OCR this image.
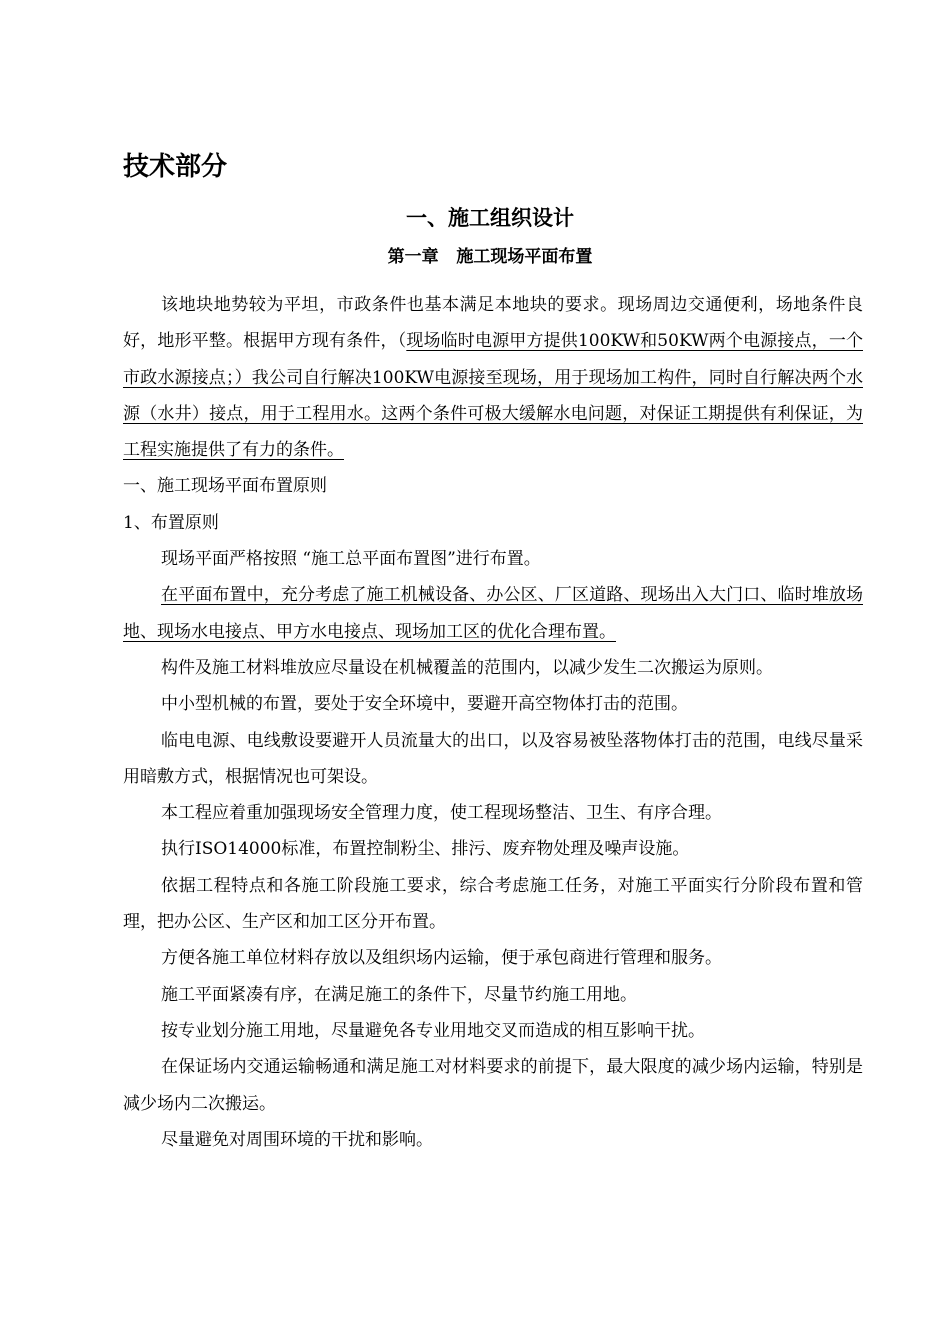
技术部分
一、施工组织设计
第一章   施工现场平面布置

该地块地势较为平坦，市政条件也基本满足本地块的要求。现场周边交通便利，场地条件良好，地形平整。根据甲方现有条件，（现场临时电源甲方提供100KW和50KW两个电源接点，一个市政水源接点；）我公司自行解决100KW电源接至现场，用于现场加工构件，同时自行解决两个水源（水井）接点，用于工程用水。这两个条件可极大缓解水电问题，对保证工期提供有利保证，为工程实施提供了有力的条件。

一、施工现场平面布置原则

1、布置原则

现场平面严格按照 “施工总平面布置图”进行布置。

在平面布置中，充分考虑了施工机械设备、办公区、厂区道路、现场出入大门口、临时堆放场地、现场水电接点、甲方水电接点、现场加工区的优化合理布置。

构件及施工材料堆放应尽量设在机械覆盖的范围内，以减少发生二次搬运为原则。

中小型机械的布置，要处于安全环境中，要避开高空物体打击的范围。

临电电源、电线敷设要避开人员流量大的出口，以及容易被坠落物体打击的范围，电线尽量采用暗敷方式，根据情况也可架设。

本工程应着重加强现场安全管理力度，使工程现场整洁、卫生、有序合理。

执行ISO14000标准，布置控制粉尘、排污、废弃物处理及噪声设施。

依据工程特点和各施工阶段施工要求，综合考虑施工任务，对施工平面实行分阶段布置和管理，把办公区、生产区和加工区分开布置。

方便各施工单位材料存放以及组织场内运输，便于承包商进行管理和服务。

施工平面紧凑有序，在满足施工的条件下，尽量节约施工用地。

按专业划分施工用地，尽量避免各专业用地交叉而造成的相互影响干扰。

在保证场内交通运输畅通和满足施工对材料要求的前提下，最大限度的减少场内运输，特别是减少场内二次搬运。

尽量避免对周围环境的干扰和影响。
